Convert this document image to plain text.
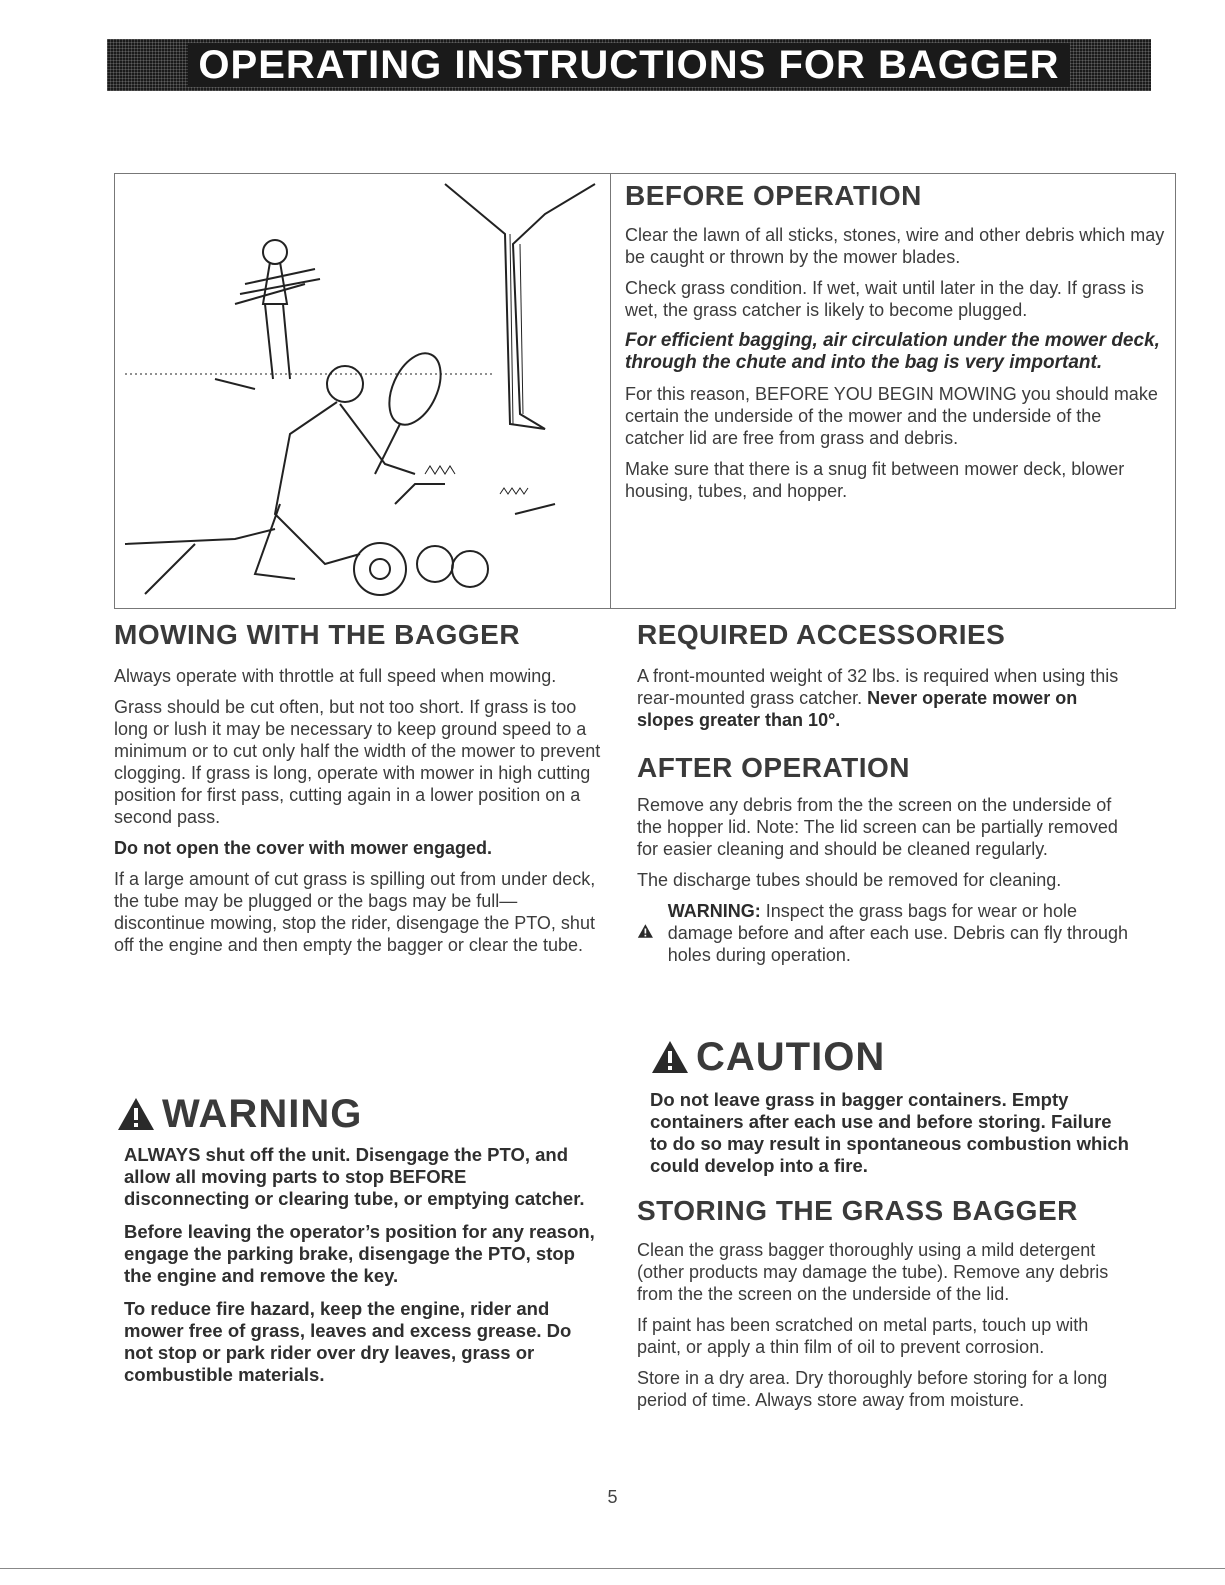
OPERATING INSTRUCTIONS FOR BAGGER
BEFORE OPERATION

Clear the lawn of all sticks, stones, wire and other debris which may be caught or thrown by the mower blades.

Check grass condition. If wet, wait until later in the day. If grass is wet, the grass catcher is likely to become plugged.

For efficient bagging, air circulation under the mower deck, through the chute and into the bag is very important.

For this reason, BEFORE YOU BEGIN MOWING you should make certain the underside of the mower and the underside of the catcher lid are free from grass and debris.

Make sure that there is a snug fit between mower deck, blower housing, tubes, and hopper.

MOWING WITH THE BAGGER

Always operate with throttle at full speed when mowing.

Grass should be cut often, but not too short. If grass is too long or lush it may be necessary to keep ground speed to a minimum or to cut only half the width of the mower to prevent clogging. If grass is long, operate with mower in high cutting position for first pass, cutting again in a lower position on a second pass.

Do not open the cover with mower engaged.

If a large amount of cut grass is spilling out from under deck, the tube may be plugged or the bags may be full—discontinue mowing, stop the rider, disengage the PTO, shut off the engine and then empty the bagger or clear the tube.

WARNING

ALWAYS shut off the unit. Disengage the PTO, and allow all moving parts to stop BEFORE disconnecting or clearing tube, or emptying catcher.

Before leaving the operator’s position for any reason, engage the parking brake, disengage the PTO, stop the engine and remove the key.

To reduce fire hazard, keep the engine, rider and mower free of grass, leaves and excess grease. Do not stop or park rider over dry leaves, grass or combustible materials.

REQUIRED ACCESSORIES

A front-mounted weight of 32 lbs. is required when using this rear-mounted grass catcher. Never operate mower on slopes greater than 10°.

AFTER OPERATION

Remove any debris from the the screen on the underside of the hopper lid. Note: The lid screen can be partially removed for easier cleaning and should be cleaned regularly.

The discharge tubes should be removed for cleaning.

WARNING: Inspect the grass bags for wear or hole damage before and after each use. Debris can fly through holes during operation.

CAUTION

Do not leave grass in bagger containers. Empty containers after each use and before storing. Failure to do so may result in spontaneous combustion which could develop into a fire.

STORING THE GRASS BAGGER

Clean the grass bagger thoroughly using a mild detergent (other products may damage the tube). Remove any debris from the the screen on the underside of the lid.

If paint has been scratched on metal parts, touch up with paint, or apply a thin film of oil to prevent corrosion.

Store in a dry area. Dry thoroughly before storing for a long period of time. Always store away from moisture.

5
